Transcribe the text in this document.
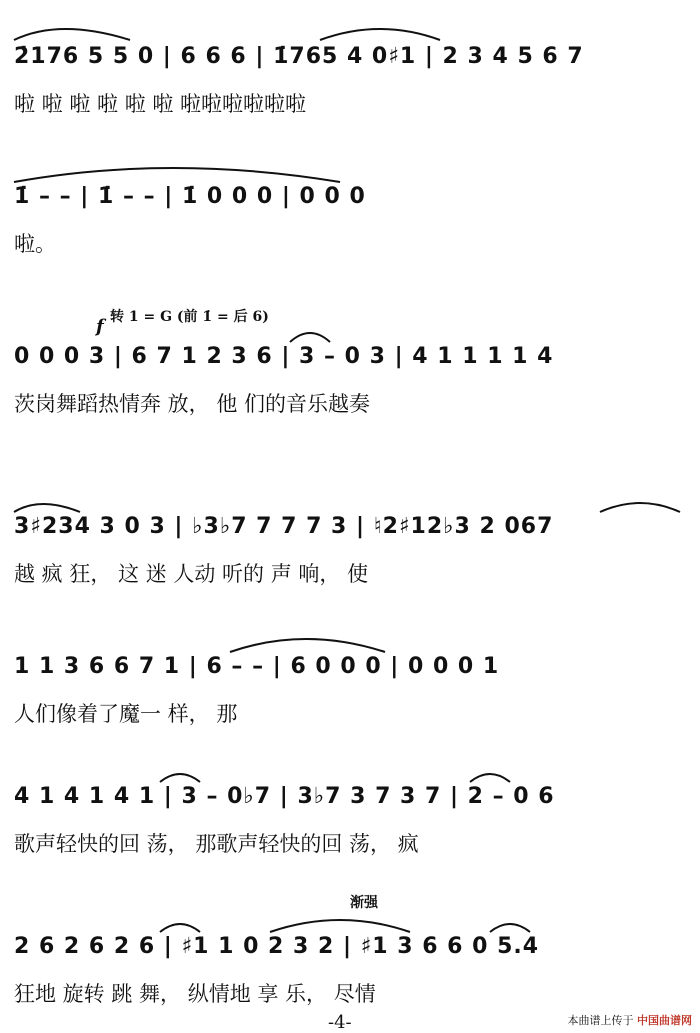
2̇176 5 5 0 | 6 6 6 | 1̇765 4 0♯1 | 2 3 4 5 6 7
啦 啦 啦 啦 啦 啦 啦啦啦啦啦啦
1̇ – – | 1̇ – – | 1̇ 0 0 0 | 0 0 0
啦。
f 转 1 = G (前 1̇ = 后 6)
0 0 0 3 | 6 7 1 2 3 6 | 3 – 0 3 | 4 1 1 1 1 4
茨岗舞蹈热情奔 放， 他 们的音乐越奏
3♯234 3 0 3 | ♭3♭7 7 7 7 3 | ♮2♯12♭3 2 067
越 疯 狂， 这 迷 人动 听的 声 响， 使
1 1 3 6 6 7 1 | 6 – – | 6 0 0 0 | 0 0 0 1
人们像着了魔一 样， 那
4 1 4 1 4 1 | 3 – 0♭7 | 3♭7 3 7 3 7 | 2 – 0 6
歌声轻快的回 荡， 那歌声轻快的回 荡， 疯
渐强
2 6 2 6 2 6 | ♯1 1 0 2 3 2 | ♯1 3 6 6 0 5.4
狂地 旋转 跳 舞， 纵情地 享 乐， 尽情
-4-	本曲谱上传于 中国曲谱网
